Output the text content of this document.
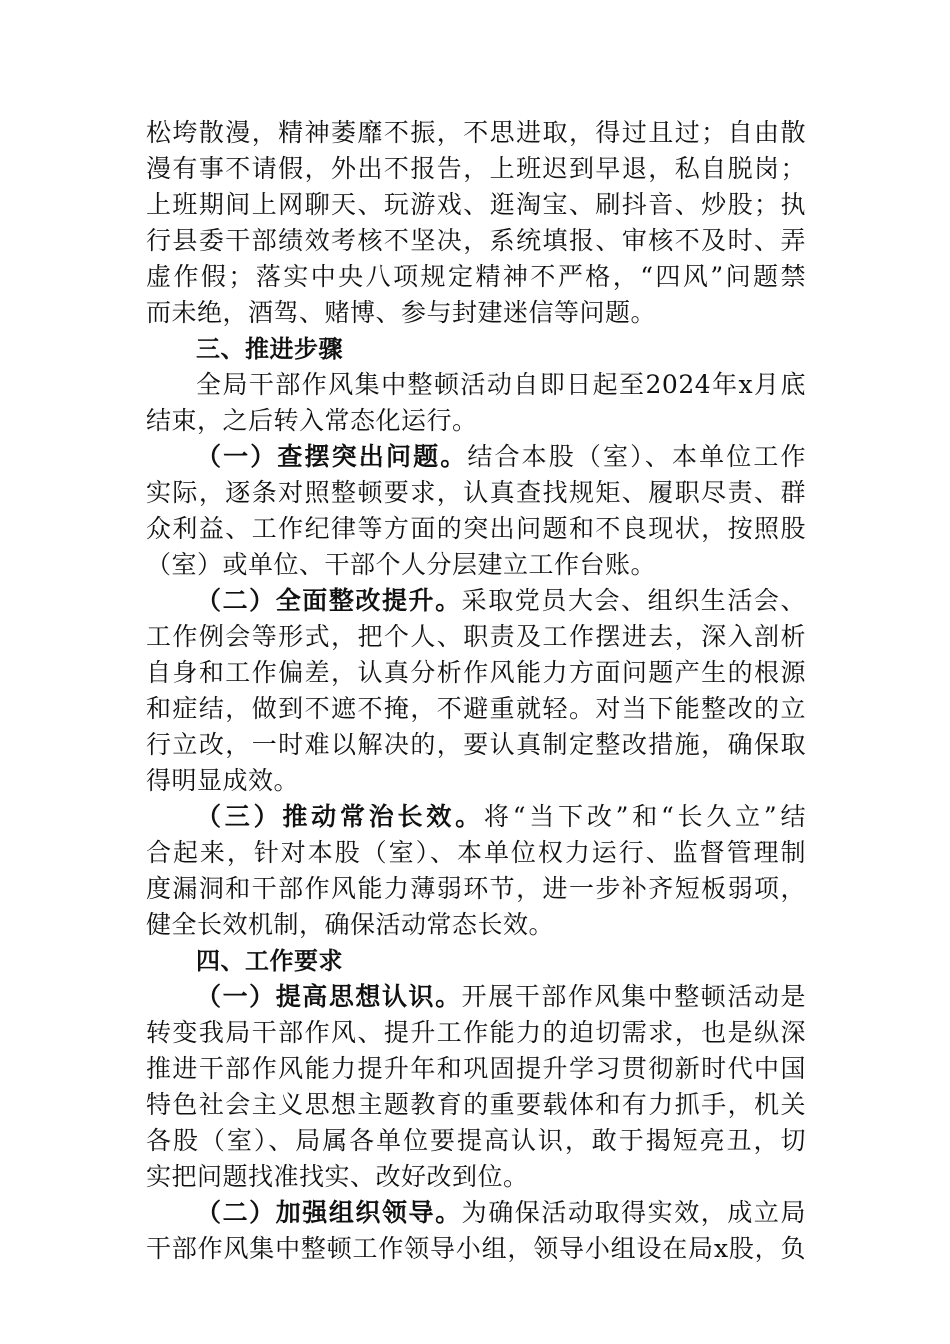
松垮散漫，精神萎靡不振，不思进取，得过且过；自由散
漫有事不请假，外出不报告，上班迟到早退，私自脱岗；
上班期间上网聊天、玩游戏、逛淘宝、刷抖音、炒股；执
行县委干部绩效考核不坚决，系统填报、审核不及时、弄
虚作假；落实中央八项规定精神不严格，“四风”问题禁
而未绝，酒驾、赌博、参与封建迷信等问题。
三、推进步骤
全局干部作风集中整顿活动自即日起至2024年x月底
结束，之后转入常态化运行。
（一）查摆突出问题。结合本股（室）、本单位工作
实际，逐条对照整顿要求，认真查找规矩、履职尽责、群
众利益、工作纪律等方面的突出问题和不良现状，按照股
（室）或单位、干部个人分层建立工作台账。
（二）全面整改提升。采取党员大会、组织生活会、
工作例会等形式，把个人、职责及工作摆进去，深入剖析
自身和工作偏差，认真分析作风能力方面问题产生的根源
和症结，做到不遮不掩，不避重就轻。对当下能整改的立
行立改，一时难以解决的，要认真制定整改措施，确保取
得明显成效。
（三）推动常治长效。将“当下改”和“长久立”结
合起来，针对本股（室）、本单位权力运行、监督管理制
度漏洞和干部作风能力薄弱环节，进一步补齐短板弱项，
健全长效机制，确保活动常态长效。
四、工作要求
（一）提高思想认识。开展干部作风集中整顿活动是
转变我局干部作风、提升工作能力的迫切需求，也是纵深
推进干部作风能力提升年和巩固提升学习贯彻新时代中国
特色社会主义思想主题教育的重要载体和有力抓手，机关
各股（室）、局属各单位要提高认识，敢于揭短亮丑，切
实把问题找准找实、改好改到位。
（二）加强组织领导。为确保活动取得实效，成立局
干部作风集中整顿工作领导小组，领导小组设在局x股，负
